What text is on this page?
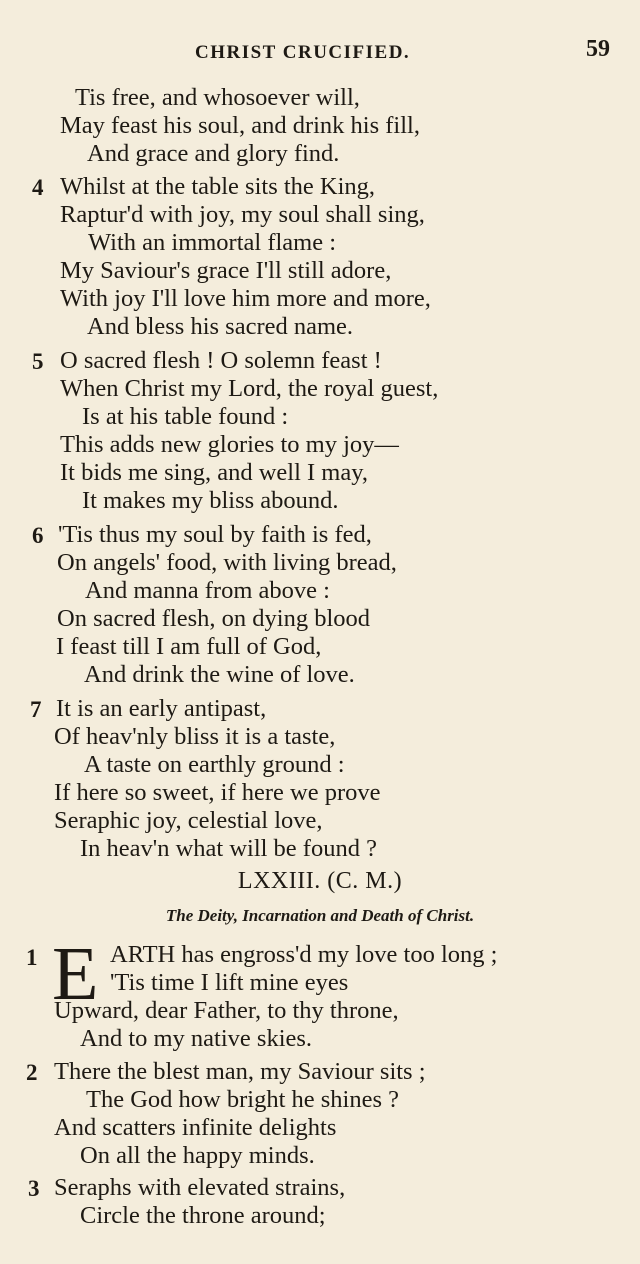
CHRIST CRUCIFIED.	59
Tis free, and whosoever will,
May feast his soul, and drink his fill,
And grace and glory find.
4 Whilst at the table sits the King,
Raptur'd with joy, my soul shall sing,
With an immortal flame :
My Saviour's grace I'll still adore,
With joy I'll love him more and more,
And bless his sacred name.
5 O sacred flesh ! O solemn feast !
When Christ my Lord, the royal guest,
Is at his table found :
This adds new glories to my joy—
It bids me sing, and well I may,
It makes my bliss abound.
6 'Tis thus my soul by faith is fed,
On angels' food, with living bread,
And manna from above :
On sacred flesh, on dying blood
I feast till I am full of God,
And drink the wine of love.
7 It is an early antipast,
Of heav'nly bliss it is a taste,
A taste on earthly ground :
If here so sweet, if here we prove
Seraphic joy, celestial love,
In heav'n what will be found ?
LXXIII. (C. M.)
The Deity, Incarnation and Death of Christ.
1 E ARTH has engross'd my love too long ;
'Tis time I lift mine eyes
Upward, dear Father, to thy throne,
And to my native skies.
2 There the blest man, my Saviour sits ;
The God how bright he shines ?
And scatters infinite delights
On all the happy minds.
3 Seraphs with elevated strains,
Circle the throne around;
